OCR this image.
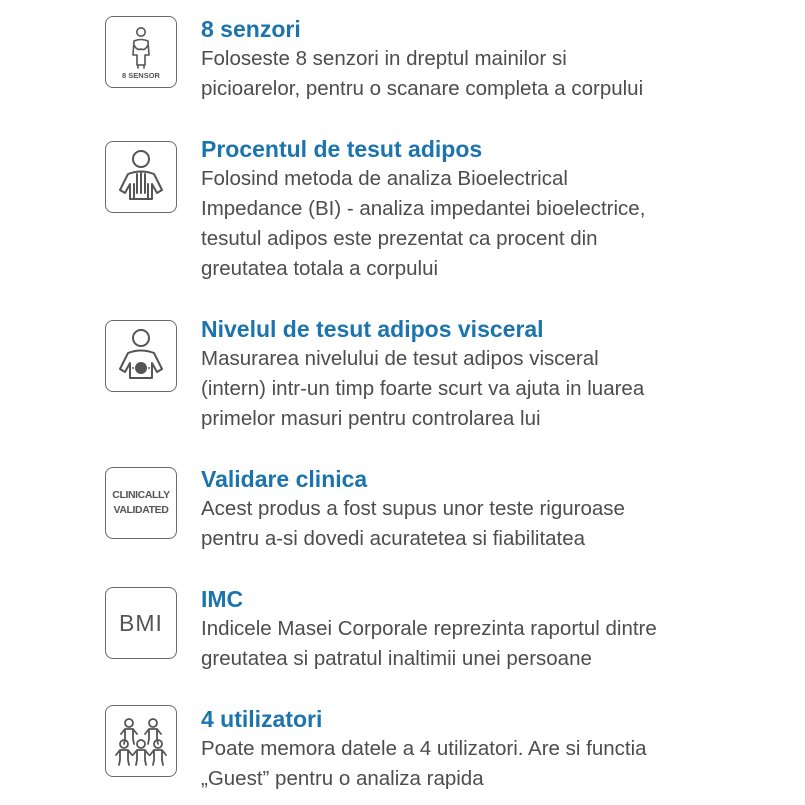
8 SENSOR

8 senzori

Foloseste 8 senzori in dreptul mainilor si
picioarelor, pentru o scanare completa a corpului

Procentul de tesut adipos

Folosind metoda de analiza Bioelectrical
Impedance (BI) - analiza impedantei bioelectrice,
tesutul adipos este prezentat ca procent din
greutatea totala a corpului

Nivelul de tesut adipos visceral

Masurarea nivelului de tesut adipos visceral
(intern) intr-un timp foarte scurt va ajuta in luarea
primelor masuri pentru controlarea lui

CLINICALLY
VALIDATED

Validare clinica

Acest produs a fost supus unor teste riguroase
pentru a-si dovedi acuratetea si fiabilitatea

BMI

IMC

Indicele Masei Corporale reprezinta raportul dintre
greutatea si patratul inaltimii unei persoane

4 utilizatori

Poate memora datele a 4 utilizatori. Are si functia
„Guest” pentru o analiza rapida
